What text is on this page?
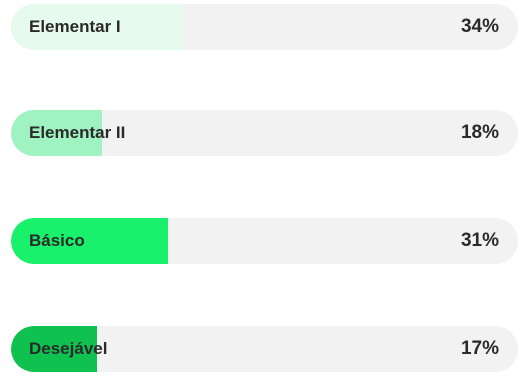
Elementar I	34%
Elementar II	18%
Básico	31%
Desejável	17%
